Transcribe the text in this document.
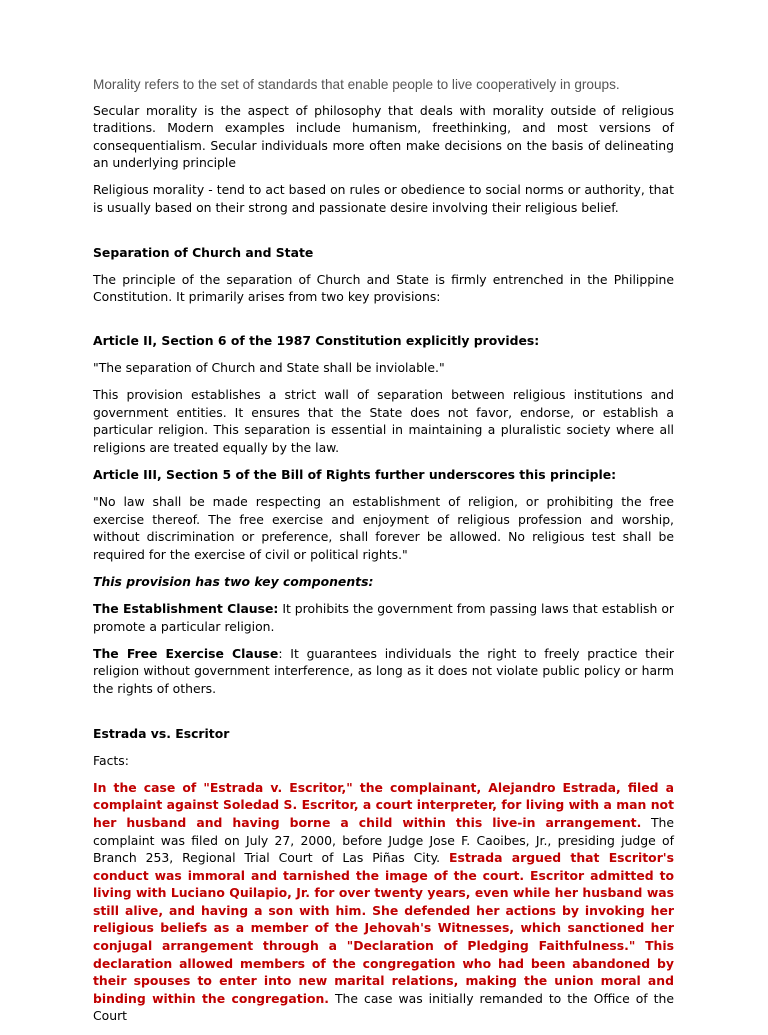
Morality refers to the set of standards that enable people to live cooperatively in groups.

Secular morality is the aspect of philosophy that deals with morality outside of religious traditions. Modern examples include humanism, freethinking, and most versions of consequentialism. Secular individuals more often make decisions on the basis of delineating an underlying principle

Religious morality - tend to act based on rules or obedience to social norms or authority, that is usually based on their strong and passionate desire involving their religious belief.

Separation of Church and State

The principle of the separation of Church and State is firmly entrenched in the Philippine Constitution. It primarily arises from two key provisions:

Article II, Section 6 of the 1987 Constitution explicitly provides:

"The separation of Church and State shall be inviolable."

This provision establishes a strict wall of separation between religious institutions and government entities. It ensures that the State does not favor, endorse, or establish a particular religion. This separation is essential in maintaining a pluralistic society where all religions are treated equally by the law.

Article III, Section 5 of the Bill of Rights further underscores this principle:

"No law shall be made respecting an establishment of religion, or prohibiting the free exercise thereof. The free exercise and enjoyment of religious profession and worship, without discrimination or preference, shall forever be allowed. No religious test shall be required for the exercise of civil or political rights."

This provision has two key components:

The Establishment Clause: It prohibits the government from passing laws that establish or promote a particular religion.

The Free Exercise Clause: It guarantees individuals the right to freely practice their religion without government interference, as long as it does not violate public policy or harm the rights of others.

Estrada vs. Escritor

Facts:

In the case of "Estrada v. Escritor," the complainant, Alejandro Estrada, filed a complaint against Soledad S. Escritor, a court interpreter, for living with a man not her husband and having borne a child within this live-in arrangement. The complaint was filed on July 27, 2000, before Judge Jose F. Caoibes, Jr., presiding judge of Branch 253, Regional Trial Court of Las Piñas City. Estrada argued that Escritor's conduct was immoral and tarnished the image of the court. Escritor admitted to living with Luciano Quilapio, Jr. for over twenty years, even while her husband was still alive, and having a son with him. She defended her actions by invoking her religious beliefs as a member of the Jehovah's Witnesses, which sanctioned her conjugal arrangement through a "Declaration of Pledging Faithfulness." This declaration allowed members of the congregation who had been abandoned by their spouses to enter into new marital relations, making the union moral and binding within the congregation. The case was initially remanded to the Office of the Court
